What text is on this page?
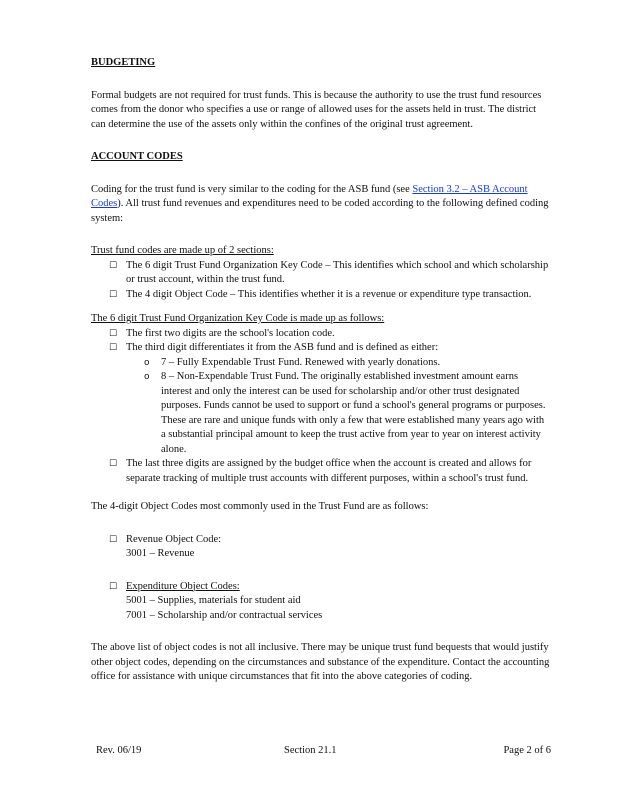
BUDGETING

Formal budgets are not required for trust funds. This is because the authority to use the trust fund resources comes from the donor who specifies a use or range of allowed uses for the assets held in trust. The district can determine the use of the assets only within the confines of the original trust agreement.

ACCOUNT CODES

Coding for the trust fund is very similar to the coding for the ASB fund (see Section 3.2 – ASB Account Codes). All trust fund revenues and expenditures need to be coded according to the following defined coding system:

Trust fund codes are made up of 2 sections:

☐ The 6 digit Trust Fund Organization Key Code – This identifies which school and which scholarship or trust account, within the trust fund.
☐ The 4 digit Object Code – This identifies whether it is a revenue or expenditure type transaction.

The 6 digit Trust Fund Organization Key Code is made up as follows:

☐ The first two digits are the school's location code.
☐ The third digit differentiates it from the ASB fund and is defined as either:
o 7 – Fully Expendable Trust Fund. Renewed with yearly donations.
o 8 – Non-Expendable Trust Fund. The originally established investment amount earns interest and only the interest can be used for scholarship and/or other trust designated purposes. Funds cannot be used to support or fund a school's general programs or purposes. These are rare and unique funds with only a few that were established many years ago with a substantial principal amount to keep the trust active from year to year on interest activity alone.
☐ The last three digits are assigned by the budget office when the account is created and allows for separate tracking of multiple trust accounts with different purposes, within a school's trust fund.

The 4-digit Object Codes most commonly used in the Trust Fund are as follows:

☐ Revenue Object Code:
3001 – Revenue
☐ Expenditure Object Codes:
5001 – Supplies, materials for student aid
7001 – Scholarship and/or contractual services

The above list of object codes is not all inclusive. There may be unique trust fund bequests that would justify other object codes, depending on the circumstances and substance of the expenditure. Contact the accounting office for assistance with unique circumstances that fit into the above categories of coding.

Rev. 06/19	Section 21.1	Page 2 of 6
